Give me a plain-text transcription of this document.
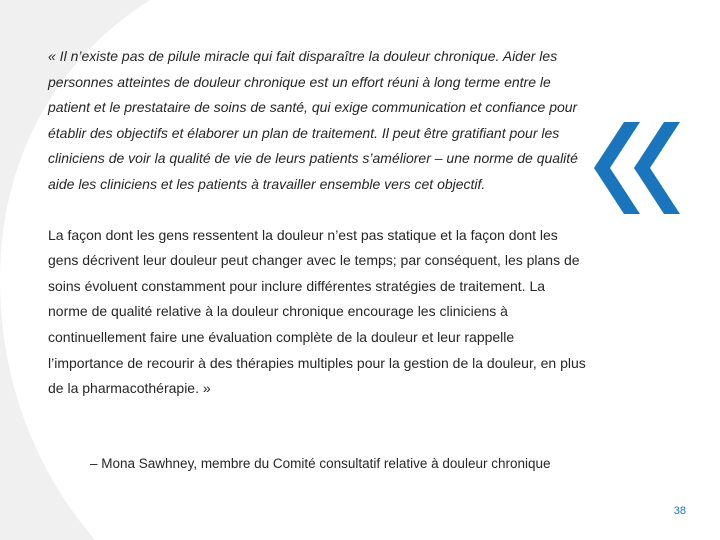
« Il n’existe pas de pilule miracle qui fait disparaître la douleur chronique. Aider les personnes atteintes de douleur chronique est un effort réuni à long terme entre le patient et le prestataire de soins de santé, qui exige communication et confiance pour établir des objectifs et élaborer un plan de traitement. Il peut être gratifiant pour les cliniciens de voir la qualité de vie de leurs patients s’améliorer – une norme de qualité aide les cliniciens et les patients à travailler ensemble vers cet objectif.

La façon dont les gens ressentent la douleur n’est pas statique et la façon dont les gens décrivent leur douleur peut changer avec le temps; par conséquent, les plans de soins évoluent constamment pour inclure différentes stratégies de traitement. La norme de qualité relative à la douleur chronique encourage les cliniciens à continuellement faire une évaluation complète de la douleur et leur rappelle l’importance de recourir à des thérapies multiples pour la gestion de la douleur, en plus de la pharmacothérapie. »

– Mona Sawhney, membre du Comité consultatif relative à douleur chronique

38
